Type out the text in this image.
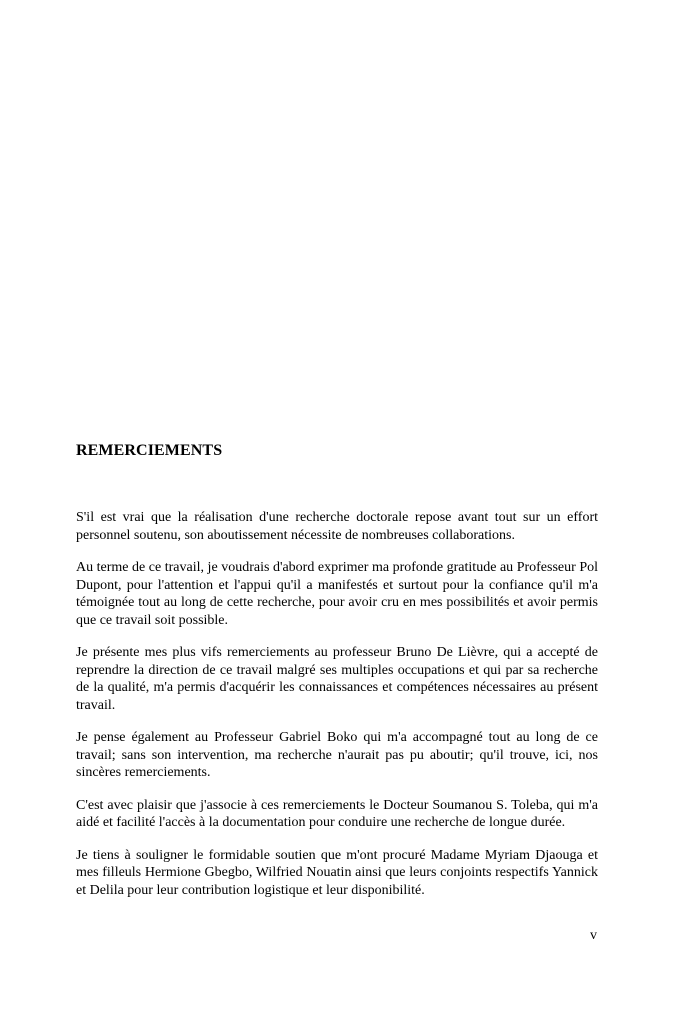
REMERCIEMENTS

S'il est vrai que la réalisation d'une recherche doctorale repose avant tout sur un effort personnel soutenu, son aboutissement nécessite de nombreuses collaborations.

Au terme de ce travail, je voudrais d'abord exprimer ma profonde gratitude au Professeur Pol Dupont, pour l'attention et l'appui qu'il a manifestés et surtout pour la confiance qu'il m'a témoignée tout au long de cette recherche, pour avoir cru en mes possibilités et avoir permis que ce travail soit possible.

Je présente mes plus vifs remerciements au professeur Bruno De Lièvre, qui a accepté de reprendre la direction de ce travail malgré ses multiples occupations et qui par sa recherche de la qualité, m'a permis d'acquérir les connaissances et compétences nécessaires au présent travail.

Je pense également au Professeur Gabriel Boko qui m'a accompagné tout au long de ce travail; sans son intervention, ma recherche n'aurait pas pu aboutir; qu'il trouve, ici, nos sincères remerciements.

C'est avec plaisir que j'associe à ces remerciements le Docteur Soumanou S. Toleba, qui m'a aidé et facilité l'accès à la documentation pour conduire une recherche de longue durée.

Je tiens à souligner le formidable soutien que m'ont procuré Madame Myriam Djaouga et mes filleuls Hermione Gbegbo, Wilfried Nouatin ainsi que leurs conjoints respectifs Yannick et Delila pour leur contribution logistique et leur disponibilité.

v
